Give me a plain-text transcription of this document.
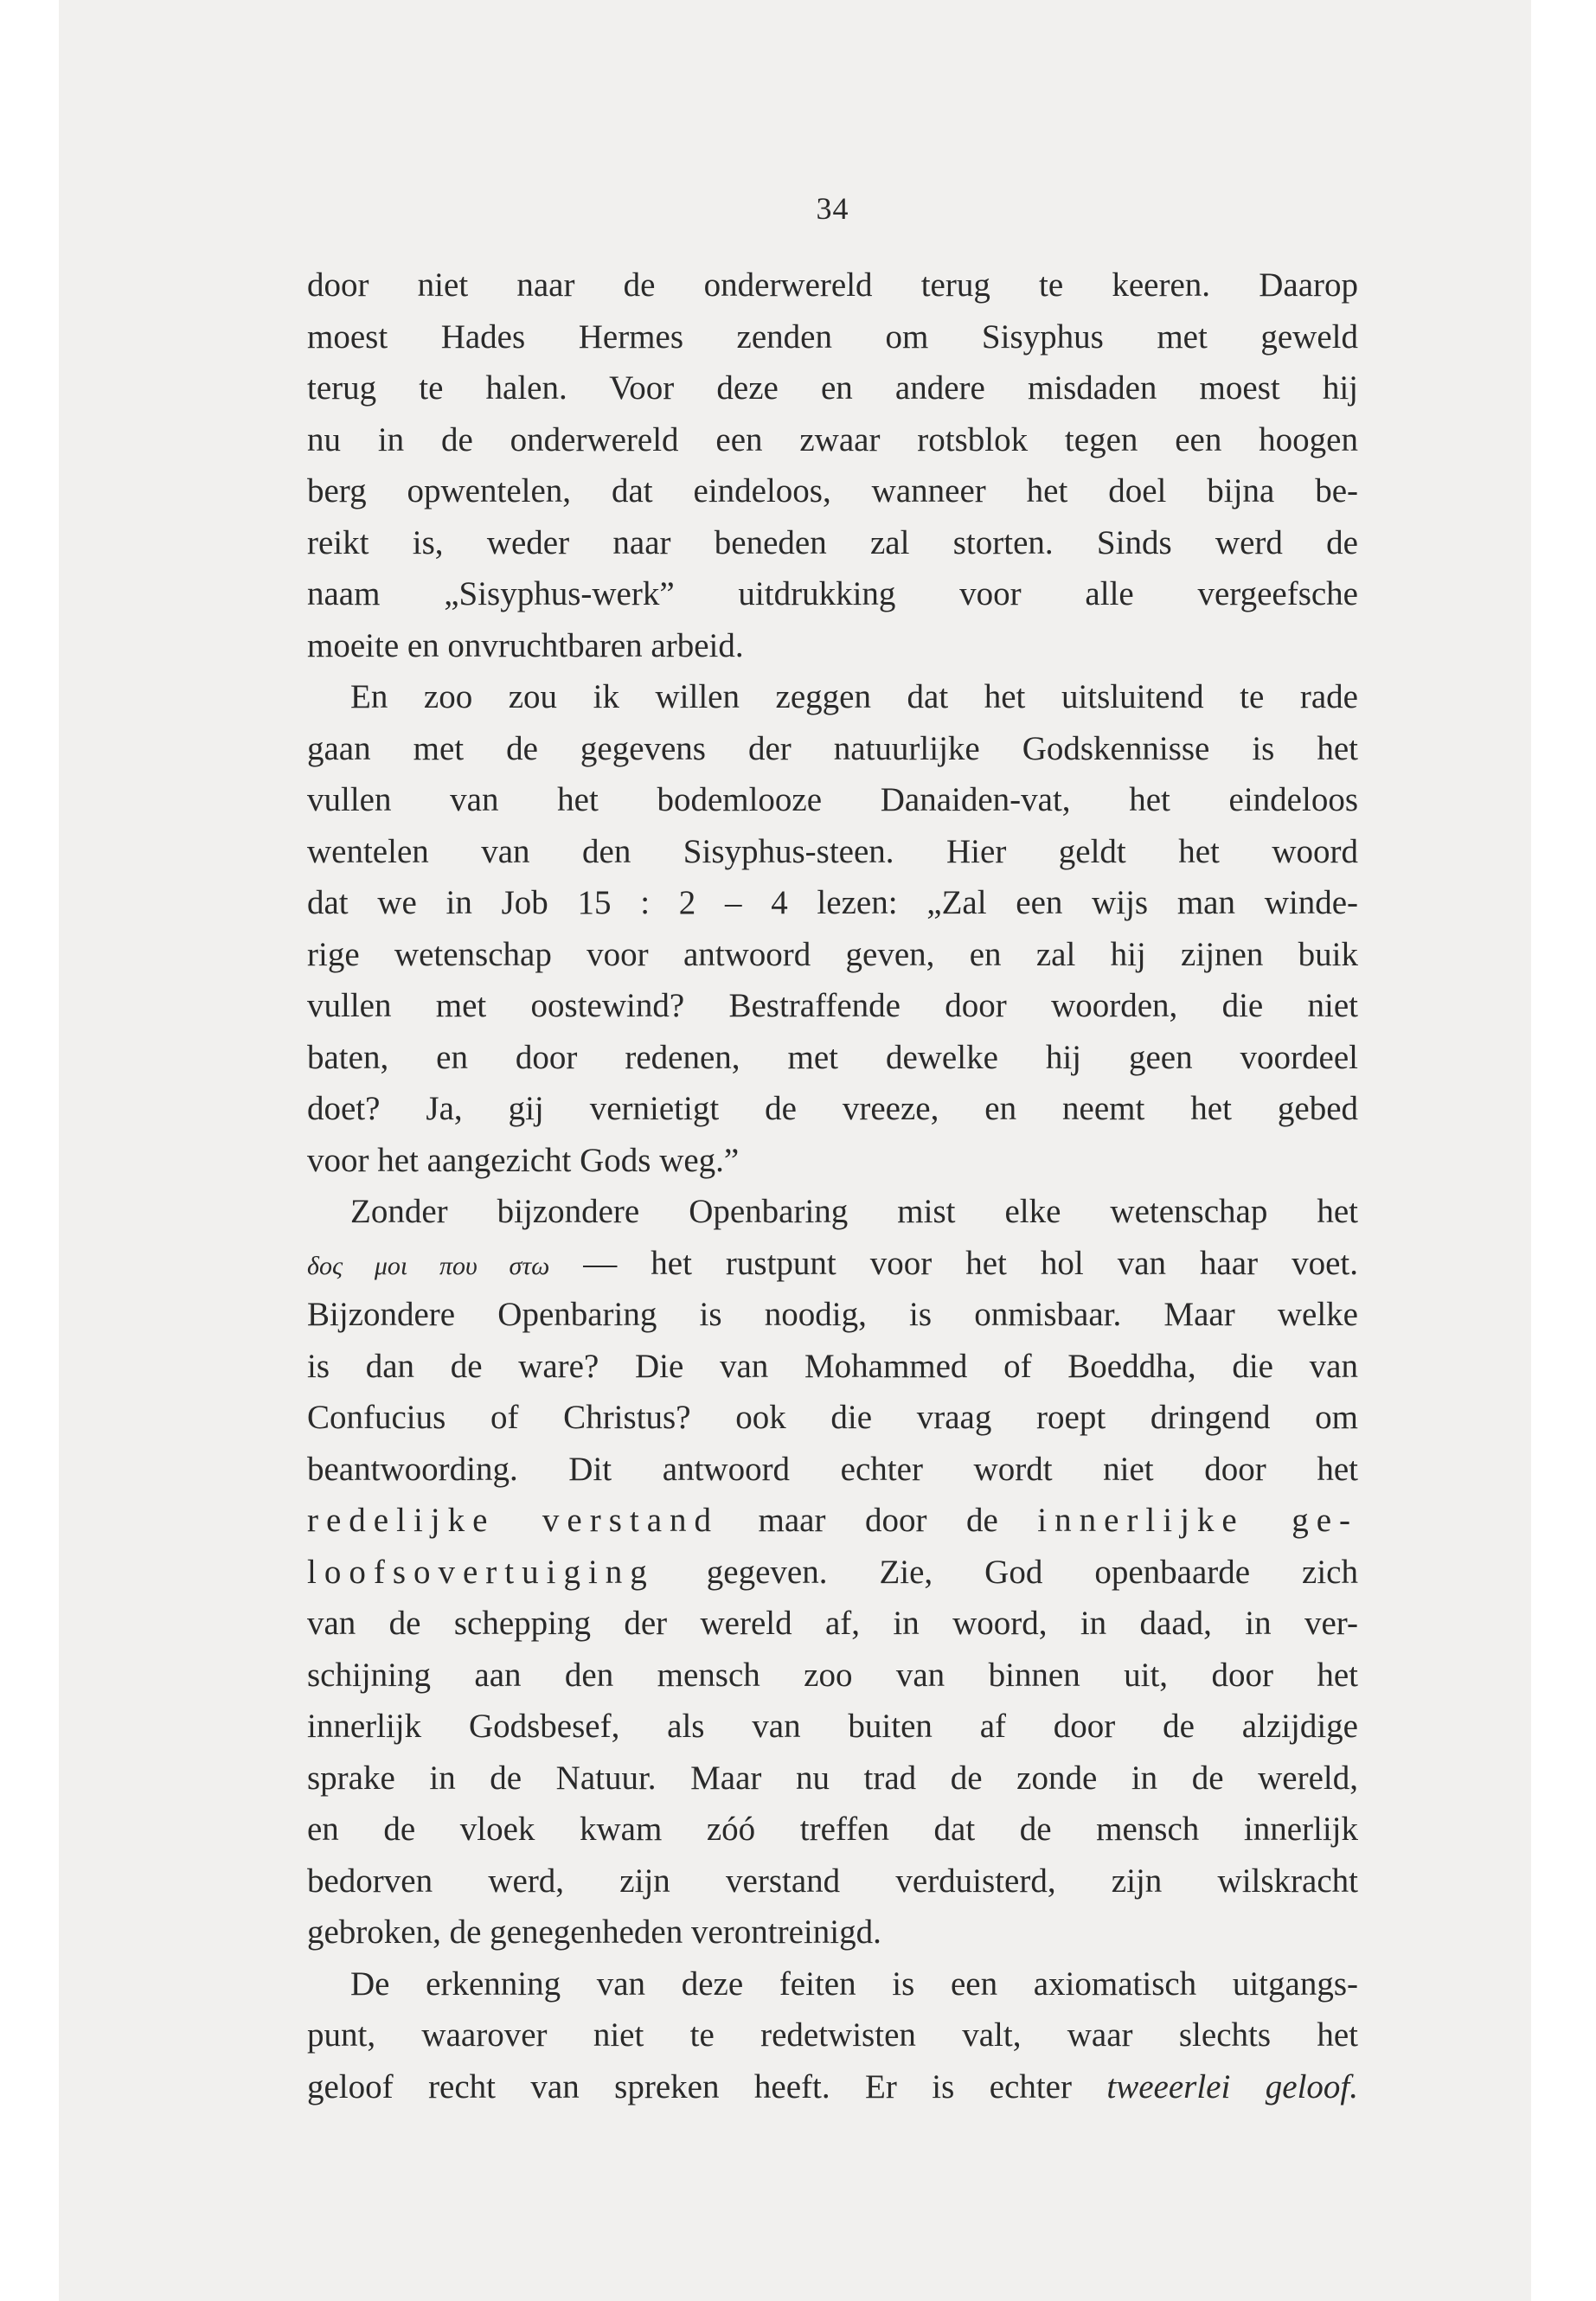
34
door niet naar de onderwereld terug te keeren. Daarop
moest Hades Hermes zenden om Sisyphus met geweld
terug te halen. Voor deze en andere misdaden moest hij
nu in de onderwereld een zwaar rotsblok tegen een hoogen
berg opwentelen, dat eindeloos, wanneer het doel bijna be-
reikt is, weder naar beneden zal storten. Sinds werd de
naam „Sisyphus-werk” uitdrukking voor alle vergeefsche
moeite en onvruchtbaren arbeid.
En zoo zou ik willen zeggen dat het uitsluitend te rade
gaan met de gegevens der natuurlijke Godskennisse is het
vullen van het bodemlooze Danaiden-vat, het eindeloos
wentelen van den Sisyphus-steen. Hier geldt het woord
dat we in Job 15 : 2 – 4 lezen: „Zal een wijs man winde-
rige wetenschap voor antwoord geven, en zal hij zijnen buik
vullen met oostewind? Bestraffende door woorden, die niet
baten, en door redenen, met dewelke hij geen voordeel
doet? Ja, gij vernietigt de vreeze, en neemt het gebed
voor het aangezicht Gods weg.”
Zonder bijzondere Openbaring mist elke wetenschap het
δος μοι που στω — het rustpunt voor het hol van haar voet.
Bijzondere Openbaring is noodig, is onmisbaar. Maar welke
is dan de ware? Die van Mohammed of Boeddha, die van
Confucius of Christus? ook die vraag roept dringend om
beantwoording. Dit antwoord echter wordt niet door het
redelijke verstand maar door de innerlijke ge-
loofsovertuiging gegeven. Zie, God openbaarde zich
van de schepping der wereld af, in woord, in daad, in ver-
schijning aan den mensch zoo van binnen uit, door het
innerlijk Godsbesef, als van buiten af door de alzijdige
sprake in de Natuur. Maar nu trad de zonde in de wereld,
en de vloek kwam zóó treffen dat de mensch innerlijk
bedorven werd, zijn verstand verduisterd, zijn wilskracht
gebroken, de genegenheden verontreinigd.
De erkenning van deze feiten is een axiomatisch uitgangs-
punt, waarover niet te redetwisten valt, waar slechts het
geloof recht van spreken heeft. Er is echter tweeerlei geloof.
